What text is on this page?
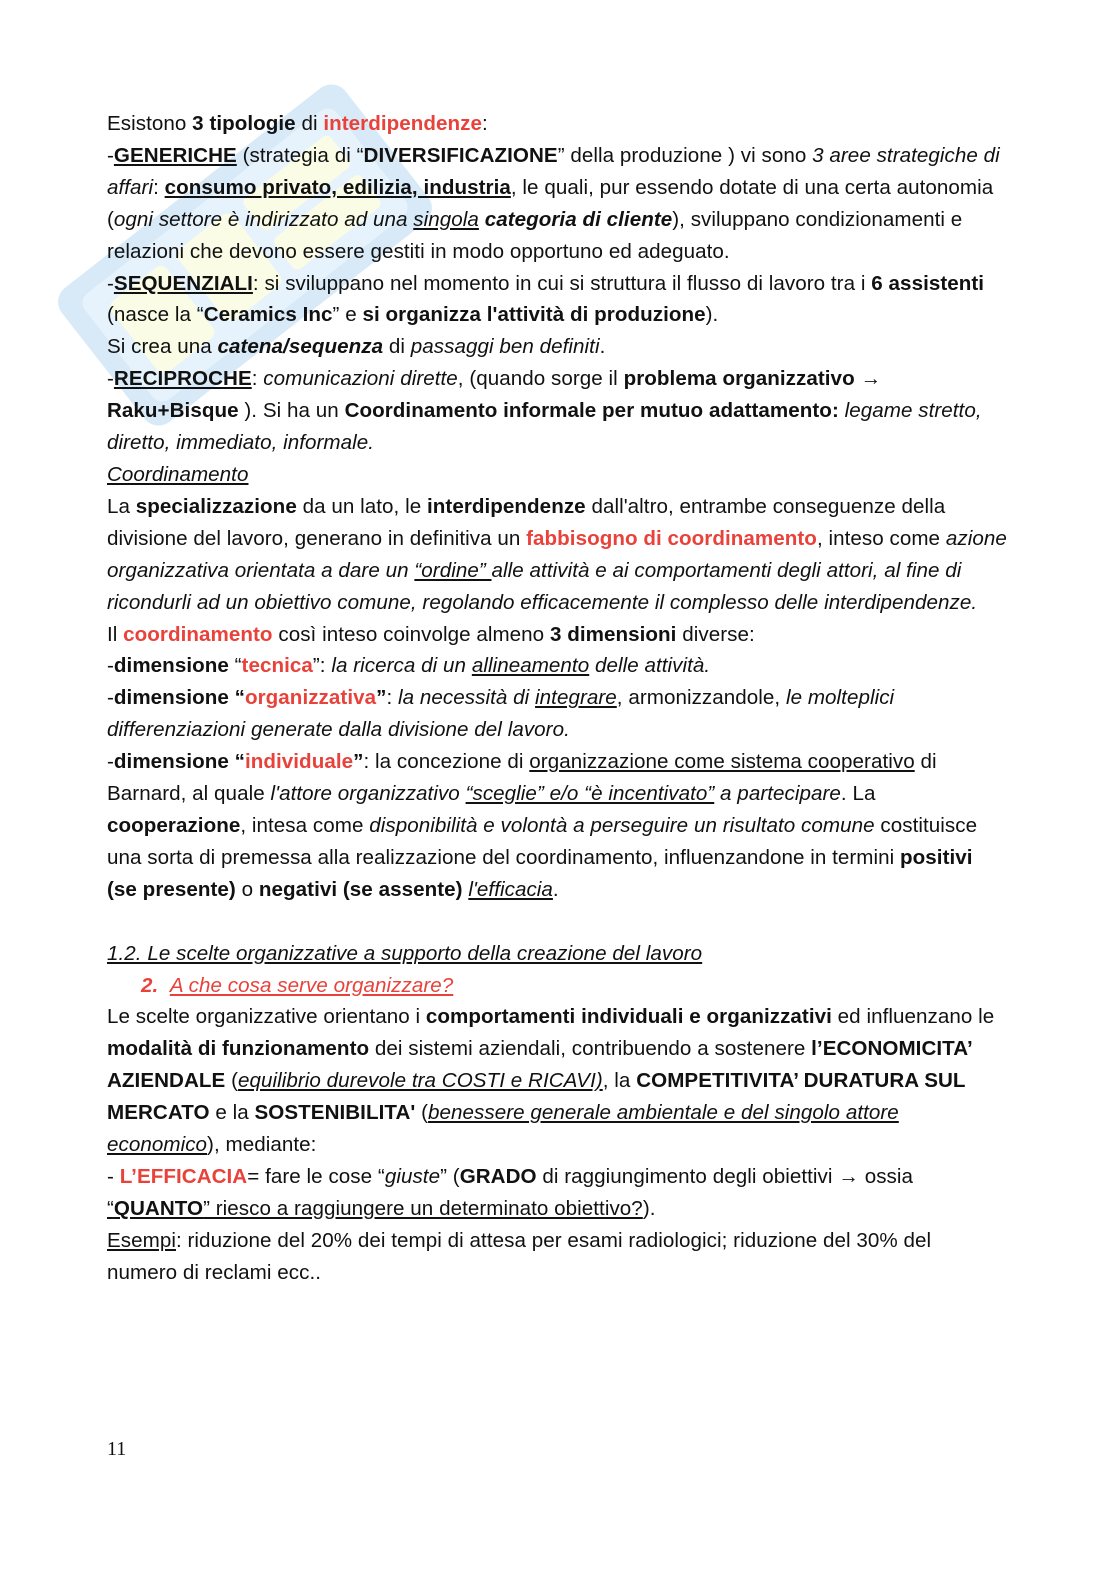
Esistono 3 tipologie di interdipendenze:

-GENERICHE (strategia di “DIVERSIFICAZIONE” della produzione ) vi sono 3 aree strategiche di affari: consumo privato, edilizia, industria, le quali, pur essendo dotate di una certa autonomia (ogni settore è indirizzato ad una singola categoria di cliente), sviluppano condizionamenti e relazioni che devono essere gestiti in modo opportuno ed adeguato.

-SEQUENZIALI: si sviluppano nel momento in cui si struttura il flusso di lavoro tra i 6 assistenti (nasce la “Ceramics Inc” e si organizza l'attività di produzione).

Si crea una catena/sequenza di passaggi ben definiti.

-RECIPROCHE: comunicazioni dirette, (quando sorge il problema organizzativo → Raku+Bisque ). Si ha un Coordinamento informale per mutuo adattamento: legame stretto, diretto, immediato, informale.

Coordinamento

La specializzazione da un lato, le interdipendenze dall'altro, entrambe conseguenze della divisione del lavoro, generano in definitiva un fabbisogno di coordinamento, inteso come azione organizzativa orientata a dare un “ordine” alle attività e ai comportamenti degli attori, al fine di ricondurli ad un obiettivo comune, regolando efficacemente il complesso delle interdipendenze.

Il coordinamento così inteso coinvolge almeno 3 dimensioni diverse:

-dimensione “tecnica”: la ricerca di un allineamento delle attività.

-dimensione “organizzativa”: la necessità di integrare, armonizzandole, le molteplici differenziazioni generate dalla divisione del lavoro.

-dimensione “individuale”: la concezione di organizzazione come sistema cooperativo di Barnard, al quale l'attore organizzativo “sceglie” e/o “è incentivato” a partecipare. La cooperazione, intesa come disponibilità e volontà a perseguire un risultato comune costituisce una sorta di premessa alla realizzazione del coordinamento, influenzandone in termini positivi (se presente) o negativi (se assente) l'efficacia.

1.2. Le scelte organizzative a supporto della creazione del lavoro

2. A che cosa serve organizzare?

Le scelte organizzative orientano i comportamenti individuali e organizzativi ed influenzano le modalità di funzionamento dei sistemi aziendali, contribuendo a sostenere l’ECONOMICITA’ AZIENDALE (equilibrio durevole tra COSTI e RICAVI), la COMPETITIVITA’ DURATURA SUL MERCATO e la SOSTENIBILITA' (benessere generale ambientale e del singolo attore economico), mediante:

- L’EFFICACIA= fare le cose “giuste” (GRADO di raggiungimento degli obiettivi → ossia “QUANTO” riesco a raggiungere un determinato obiettivo?).

Esempi: riduzione del 20% dei tempi di attesa per esami radiologici; riduzione del 30% del numero di reclami ecc..

11
